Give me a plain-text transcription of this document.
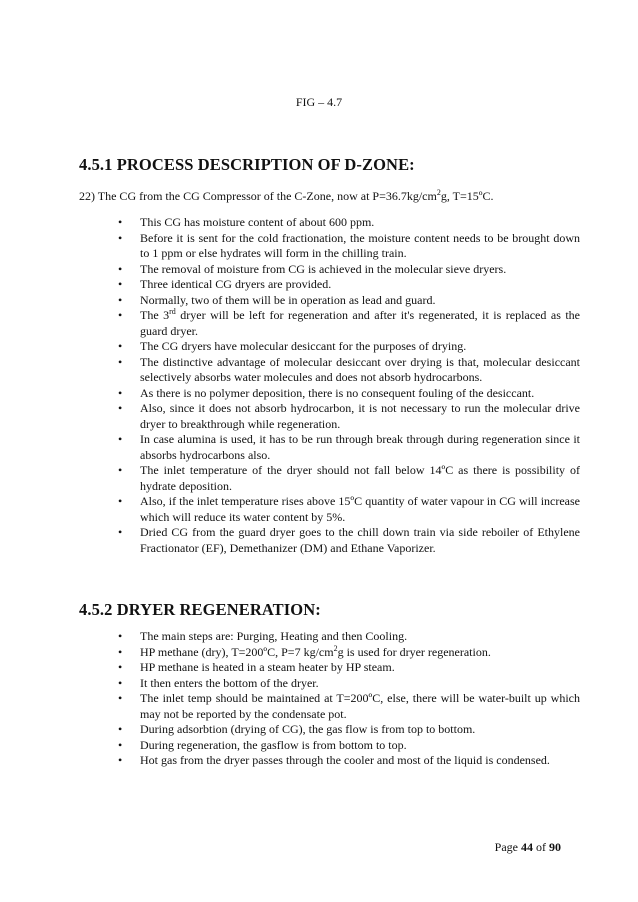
FIG – 4.7
4.5.1 PROCESS DESCRIPTION OF D-ZONE:
22) The CG from the CG Compressor of the C-Zone, now at $P=36.7kg/cm^2g$, T=15ºC.
• This CG has moisture content of about 600 ppm.
• Before it is sent for the cold fractionation, the moisture content needs to be brought down to 1 ppm or else hydrates will form in the chilling train.
• The removal of moisture from CG is achieved in the molecular sieve dryers.
• Three identical CG dryers are provided.
• Normally, two of them will be in operation as lead and guard.
• The 3rd dryer will be left for regeneration and after it's regenerated, it is replaced as the guard dryer.
• The CG dryers have molecular desiccant for the purposes of drying.
• The distinctive advantage of molecular desiccant over drying is that, molecular desiccant selectively absorbs water molecules and does not absorb hydrocarbons.
• As there is no polymer deposition, there is no consequent fouling of the desiccant.
• Also, since it does not absorb hydrocarbon, it is not necessary to run the molecular drive dryer to breakthrough while regeneration.
• In case alumina is used, it has to be run through break through during regeneration since it absorbs hydrocarbons also.
• The inlet temperature of the dryer should not fall below 14ºC as there is possibility of hydrate deposition.
• Also, if the inlet temperature rises above 15ºC quantity of water vapour in CG will increase which will reduce its water content by 5%.
• Dried CG from the guard dryer goes to the chill down train via side reboiler of Ethylene Fractionator (EF), Demethanizer (DM) and Ethane Vaporizer.
4.5.2 DRYER REGENERATION:
• The main steps are: Purging, Heating and then Cooling.
• HP methane (dry), T=200ºC, P=7 $kg/cm^2g$ is used for dryer regeneration.
• HP methane is heated in a steam heater by HP steam.
• It then enters the bottom of the dryer.
• The inlet temp should be maintained at T=200ºC, else, there will be water-built up which may not be reported by the condensate pot.
• During adsorbtion (drying of CG), the gas flow is from top to bottom.
• During regeneration, the gasflow is from bottom to top.
• Hot gas from the dryer passes through the cooler and most of the liquid is condensed.
Page 44 of 90
